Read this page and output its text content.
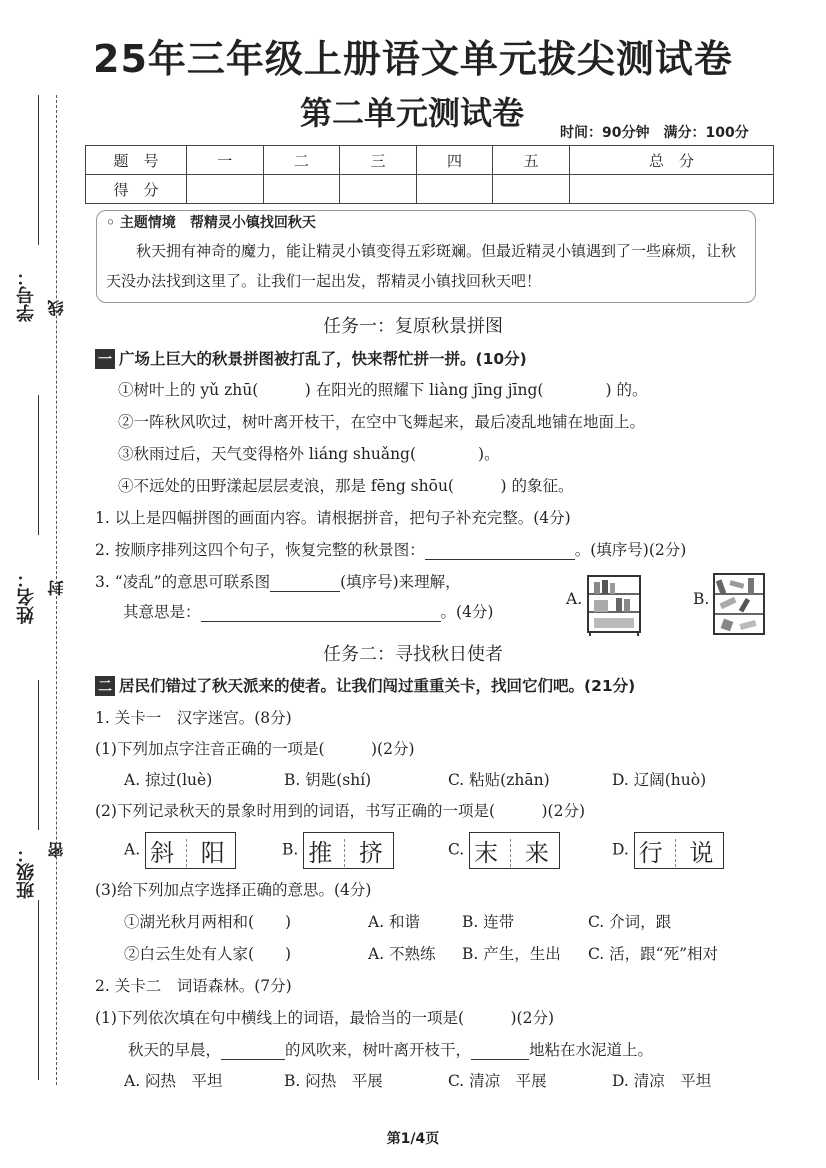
学号： 线
姓名： 封
班级： 密
25年三年级上册语文单元拔尖测试卷
第二单元测试卷
时间：90分钟　满分：100分
题　号	一	二	三	四	五	总　分
得　分						
◦ 主题情境　帮精灵小镇找回秋天
秋天拥有神奇的魔力，能让精灵小镇变得五彩斑斓。但最近精灵小镇遇到了一些麻烦，让秋天没办法找到这里了。让我们一起出发，帮精灵小镇找回秋天吧！
任务一：复原秋景拼图
一 广场上巨大的秋景拼图被打乱了，快来帮忙拼一拼。(10分)
①树叶上的 yǔ zhū(　　　) 在阳光的照耀下 liàng jīng jīng(　　　　) 的。
②一阵秋风吹过，树叶离开枝干，在空中飞舞起来，最后凌乱地铺在地面上。
③秋雨过后，天气变得格外 liáng shuǎng(　　　　)。
④不远处的田野漾起层层麦浪，那是 fēng shōu(　　　) 的象征。
1. 以上是四幅拼图的画面内容。请根据拼音，把句子补充完整。(4分)
2. 按顺序排列这四个句子，恢复完整的秋景图：	。(填序号)(2分)
3. “凌乱”的意思可联系图	(填序号)来理解，
其意思是：	。(4分)
A.	B.
任务二：寻找秋日使者
二 居民们错过了秋天派来的使者。让我们闯过重重关卡，找回它们吧。(21分)
1. 关卡一　汉字迷宫。(8分)
(1)下列加点字注音正确的一项是(　　　)(2分)
A. 掠过(luè)	B. 钥匙(shí)	C. 粘贴(zhān)	D. 辽阔(huò)
(2)下列记录秋天的景象时用到的词语，书写正确的一项是(　　　)(2分)
A. 斜 阳	B. 推 挤	C. 末 来	D. 行 说
(3)给下列加点字选择正确的意思。(4分)
①湖光秋月两相和(　　)	A. 和谐	B. 连带	C. 介词，跟
②白云生处有人家(　　)	A. 不熟练 B. 产生，生出 C. 活，跟“死”相对
2. 关卡二　词语森林。(7分)
(1)下列依次填在句中横线上的词语，最恰当的一项是(　　　)(2分)
秋天的早晨，	的风吹来，树叶离开枝干，	地粘在水泥道上。
A. 闷热　平坦	B. 闷热　平展	C. 清凉　平展	D. 清凉　平坦
第1/4页
